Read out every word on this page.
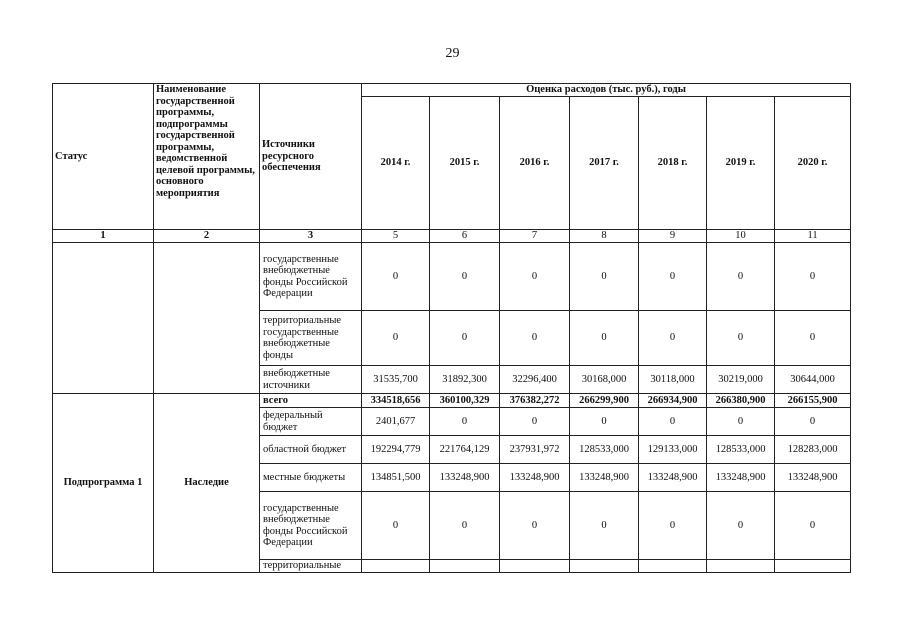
29
Статус	Наименование государственной программы, подпрограммы государственной программы, ведомственной целевой программы, основного мероприятия	Источники ресурсного обеспечения	Оценка расходов (тыс. руб.), годы						
			2014 г.	2015 г.	2016 г.	2017 г.	2018 г.	2019 г.	2020 г.
1	2	3	5	6	7	8	9	10	11
		государственные внебюджетные фонды Российской Федерации	0	0	0	0	0	0	0
		территориальные государственные внебюджетные фонды	0	0	0	0	0	0	0
		внебюджетные источники	31535,700	31892,300	32296,400	30168,000	30118,000	30219,000	30644,000
Подпрограмма 1	Наследие	всего	334518,656	360100,329	376382,272	266299,900	266934,900	266380,900	266155,900
		федеральный бюджет	2401,677	0	0	0	0	0	0
		областной бюджет	192294,779	221764,129	237931,972	128533,000	129133,000	128533,000	128283,000
		местные бюджеты	134851,500	133248,900	133248,900	133248,900	133248,900	133248,900	133248,900
		государственные внебюджетные фонды Российской Федерации	0	0	0	0	0	0	0
		территориальные							
